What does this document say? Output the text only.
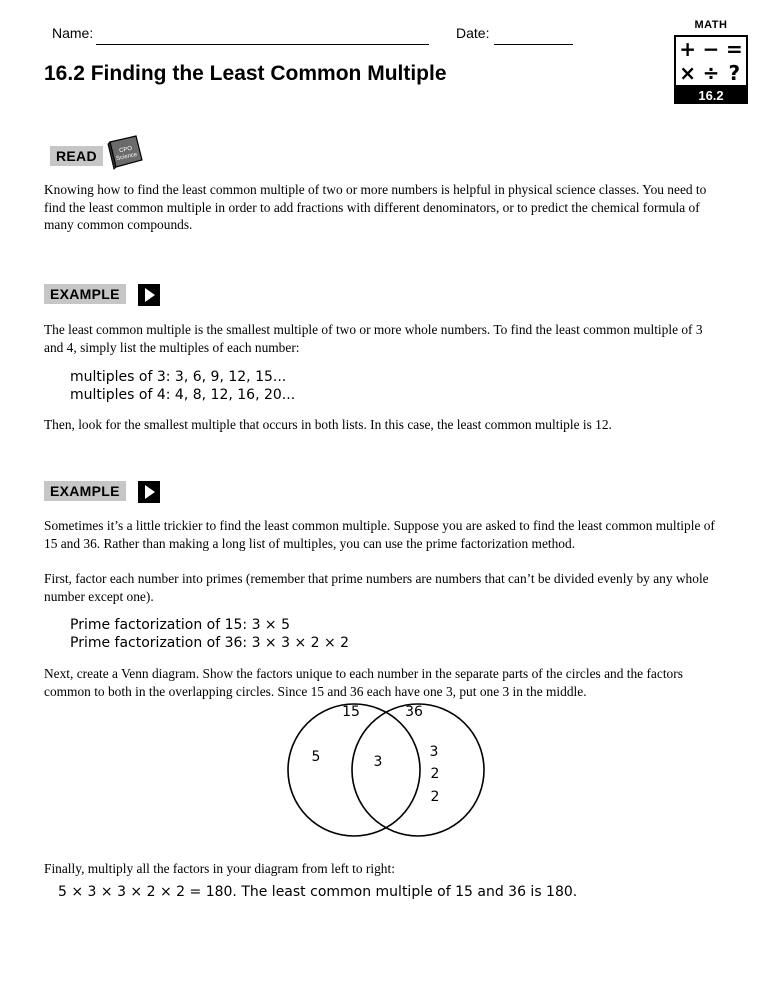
Name:	Date:
16.2 Finding the Least Common Multiple
MATH
+ − =
× ÷ ?
16.2
READ	CPO
Science
Knowing how to find the least common multiple of two or more numbers is helpful in physical science classes. You need to find the least common multiple in order to add fractions with different denominators, or to predict the chemical formula of many common compounds.
EXAMPLE
The least common multiple is the smallest multiple of two or more whole numbers. To find the least common multiple of 3 and 4, simply list the multiples of each number:
multiples of 3: 3, 6, 9, 12, 15...
multiples of 4: 4, 8, 12, 16, 20...
Then, look for the smallest multiple that occurs in both lists. In this case, the least common multiple is 12.
EXAMPLE
Sometimes it’s a little trickier to find the least common multiple. Suppose you are asked to find the least common multiple of 15 and 36. Rather than making a long list of multiples, you can use the prime factorization method.
First, factor each number into primes (remember that prime numbers are numbers that can’t be divided evenly by any whole number except one).
Prime factorization of 15: 3 × 5
Prime factorization of 36: 3 × 3 × 2 × 2
Next, create a Venn diagram. Show the factors unique to each number in the separate parts of the circles and the factors common to both in the overlapping circles. Since 15 and 36 each have one 3, put one 3 in the middle.
15	36
5	3
3
2
2
Finally, multiply all the factors in your diagram from left to right:
5 × 3 × 3 × 2 × 2 = 180. The least common multiple of 15 and 36 is 180.
